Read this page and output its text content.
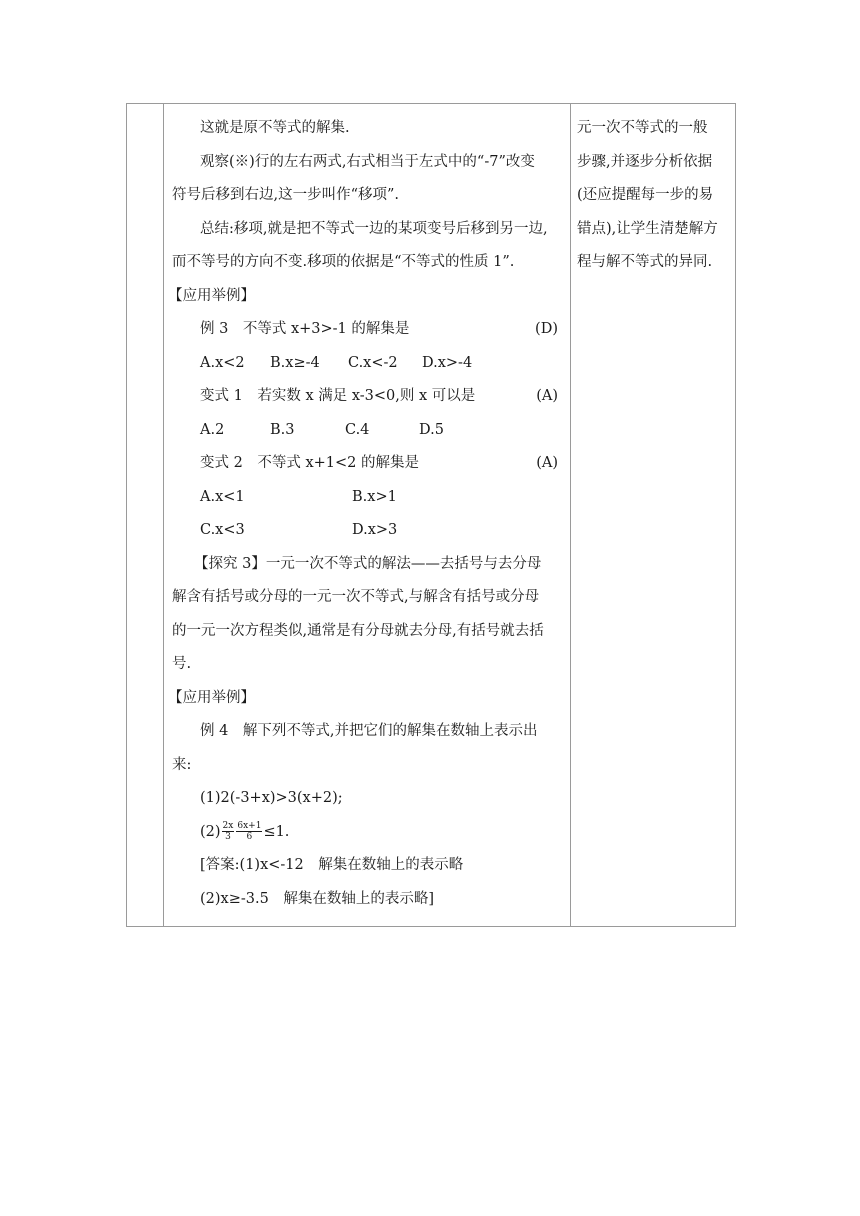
这就是原不等式的解集.
观察(※)行的左右两式,右式相当于左式中的“-7”改变
符号后移到右边,这一步叫作“移项”.
总结:移项,就是把不等式一边的某项变号后移到另一边,
而不等号的方向不变.移项的依据是“不等式的性质 1”.
【应用举例】
例 3　不等式 x+3>-1 的解集是	(D)
A.x<2 B.x≥-4 C.x<-2 D.x>-4
变式 1　若实数 x 满足 x-3<0,则 x 可以是	(A)
A.2	B.3	C.4	D.5
变式 2　不等式 x+1<2 的解集是	(A)
A.x<1	B.x>1
C.x<3	D.x>3
【探究 3】一元一次不等式的解法——去括号与去分母
解含有括号或分母的一元一次不等式,与解含有括号或分母
的一元一次方程类似,通常是有分母就去分母,有括号就去括
号.
【应用举例】
例 4　解下列不等式,并把它们的解集在数轴上表示出
来:
(1)2(-3+x)>3(x+2);
$(2) \frac{2x}{3} \frac{6x+1}{6} \le 1$.
[答案:(1)x<-12　解集在数轴上的表示略
(2)x≥-3.5　解集在数轴上的表示略]

元一次不等式的一般
步骤,并逐步分析依据
(还应提醒每一步的易
错点),让学生清楚解方
程与解不等式的异同.
